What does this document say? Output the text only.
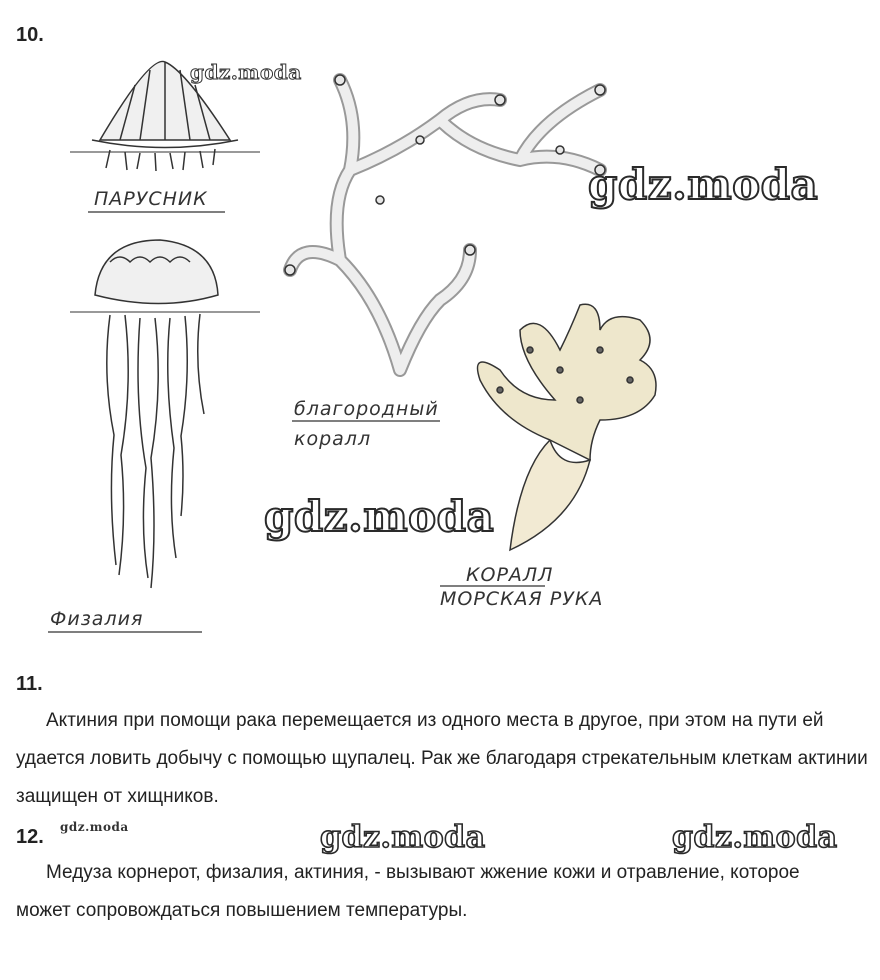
10.
ПАРУСНИК
благородный
коралл
Физалия
КОРАЛЛ
МОРСКАЯ РУКА
gdz.moda
gdz.moda
gdz.moda
gdz.moda	gdz.moda	gdz.moda
11.
Актиния при помощи рака перемещается из одного места в другое, при этом на пути ей удается ловить добычу с помощью щупалец. Рак же благодаря стрекательным клеткам актинии защищен от хищников.
12.
Медуза корнерот, физалия, актиния, - вызывают жжение кожи и отравление, которое может сопровождаться повышением температуры.
